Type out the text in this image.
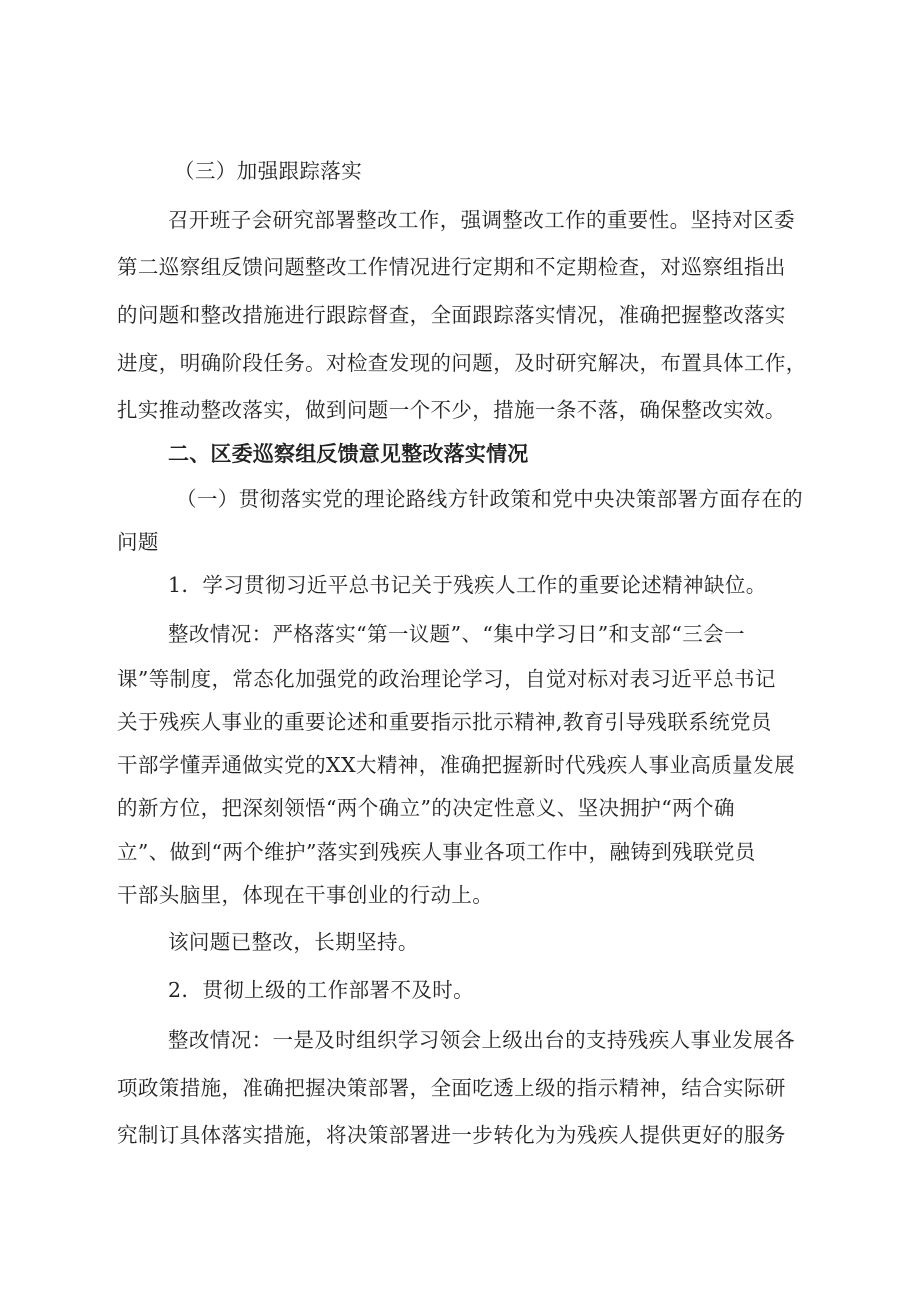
（三）加强跟踪落实
召开班子会研究部署整改工作，强调整改工作的重要性。坚持对区委
第二巡察组反馈问题整改工作情况进行定期和不定期检查，对巡察组指出
的问题和整改措施进行跟踪督查，全面跟踪落实情况，准确把握整改落实
进度，明确阶段任务。对检查发现的问题，及时研究解决，布置具体工作，
扎实推动整改落实，做到问题一个不少，措施一条不落，确保整改实效。
二、区委巡察组反馈意见整改落实情况
（一）贯彻落实党的理论路线方针政策和党中央决策部署方面存在的
问题
1．学习贯彻习近平总书记关于残疾人工作的重要论述精神缺位。
整改情况：严格落实“第一议题”、“集中学习日”和支部“三会一
课”等制度，常态化加强党的政治理论学习，自觉对标对表习近平总书记
关于残疾人事业的重要论述和重要指示批示精神,教育引导残联系统党员
干部学懂弄通做实党的XX大精神，准确把握新时代残疾人事业高质量发展
的新方位，把深刻领悟“两个确立”的决定性意义、坚决拥护“两个确
立”、做到“两个维护”落实到残疾人事业各项工作中，融铸到残联党员
干部头脑里，体现在干事创业的行动上。
该问题已整改，长期坚持。
2．贯彻上级的工作部署不及时。
整改情况：一是及时组织学习领会上级出台的支持残疾人事业发展各
项政策措施，准确把握决策部署，全面吃透上级的指示精神，结合实际研
究制订具体落实措施，将决策部署进一步转化为为残疾人提供更好的服务
